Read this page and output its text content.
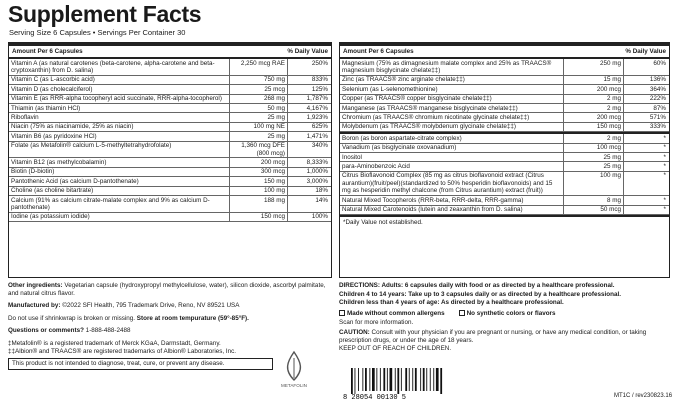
Supplement Facts
Serving Size 6 Capsules • Servings Per Container 30
Amount Per 6 Capsules	% Daily Value
Vitamin A (as natural carotenes (beta-carotene, alpha-carotene and beta-cryptoxanthin) from D. salina)
2,250 mcg RAE	250%
Vitamin C (as L-ascorbic acid)	750 mg	833%
Vitamin D (as cholecalciferol)	25 mcg	125%
Vitamin E (as RRR-alpha tocopheryl acid succinate, RRR-alpha-tocopherol)	268 mg	1,787%
Thiamin (as thiamin HCl)	50 mg	4,167%
Riboflavin	25 mg	1,923%
Niacin (75% as niacinamide, 25% as niacin)	100 mg NE	625%
Vitamin B6 (as pyridoxine HCl)	25 mg	1,471%
Folate (as Metafolin® calcium L-5-methyltetrahydrofolate)	1,360 mcg DFE (800 mcg)
340%
Vitamin B12 (as methylcobalamin)	200 mcg	8,333%
Biotin (D-biotin)	300 mcg	1,000%
Pantothenic Acid (as calcium D-pantothenate)	150 mg	3,000%
Choline (as choline bitartrate)	100 mg	18%
Calcium (91% as calcium citrate-malate complex and 9% as calcium D-pantothenate)
188 mg	14%
Iodine (as potassium iodide)	150 mcg	100%
Amount Per 6 Capsules	% Daily Value
Magnesium (75% as dimagnesium malate complex and 25% as TRAACS® magnesium bisglycinate chelate‡‡)
250 mg	60%
Zinc (as TRAACS® zinc arginate chelate‡‡)	15 mg	136%
Selenium (as L-selenomethionine)	200 mcg	364%
Copper (as TRAACS® copper bisglycinate chelate‡‡)	2 mg	222%
Manganese (as TRAACS® manganese bisglycinate chelate‡‡)	2 mg	87%
Chromium (as TRAACS® chromium nicotinate glycinate chelate‡‡)	200 mcg	571%
Molybdenum (as TRAACS® molybdenum glycinate chelate‡‡)	150 mcg	333%
Boron (as boron aspartate-citrate complex)	2 mg	*
Vanadium (as bisglycinate oxovanadium)	100 mcg	*
Inositol	25 mg	*
para-Aminobenzoic Acid	25 mg	*
Citrus Bioflavonoid Complex (85 mg as citrus bioflavonoid extract (Citrus aurantium)(fruit/peel)(standardized to 50% hesperidin bioflavonoids) and 15 mg as hesperidin methyl chalcone (from Citrus aurantium) extract (fruit))
100 mg	*
Natural Mixed Tocopherols (RRR-beta, RRR-delta, RRR-gamma)	8 mg	*
Natural Mixed Carotenoids (lutein and zeaxanthin from D. salina)	50 mcg	*
*Daily Value not established.

Other ingredients: Vegetarian capsule (hydroxypropyl methylcellulose, water), silicon dioxide, ascorbyl palmitate, and natural citrus flavor.

Manufactured by: ©2022 SFI Health, 795 Trademark Drive, Reno, NV 89521 USA

Do not use if shrinkwrap is broken or missing. Store at room tempurature (59°-85°F).

Questions or comments? 1-888-488-2488

‡Metafolin® is a registered trademark of Merck KGaA, Darmstadt, Germany.
‡‡Albion® and TRAACS® are registered trademarks of Albion® Laboratories, Inc.

This product is not intended to diagnose, treat, cure, or prevent any disease.
METAFOLIN

DIRECTIONS: Adults: 6 capsules daily with food or as directed by a healthcare professional.

Children 4 to 14 years: Take up to 3 capsules daily or as directed by a healthcare professional.

Children less than 4 years of age: As directed by a healthcare professional.

Made without common allergens	No synthetic colors or flavors

Scan for more information.

CAUTION: Consult with your physician if you are pregnant or nursing, or have any medical condition, or taking prescription drugs, or under the age of 18 years.

KEEP OUT OF REACH OF CHILDREN.

8 28054 00130 5	MT1C / rev230823.16
